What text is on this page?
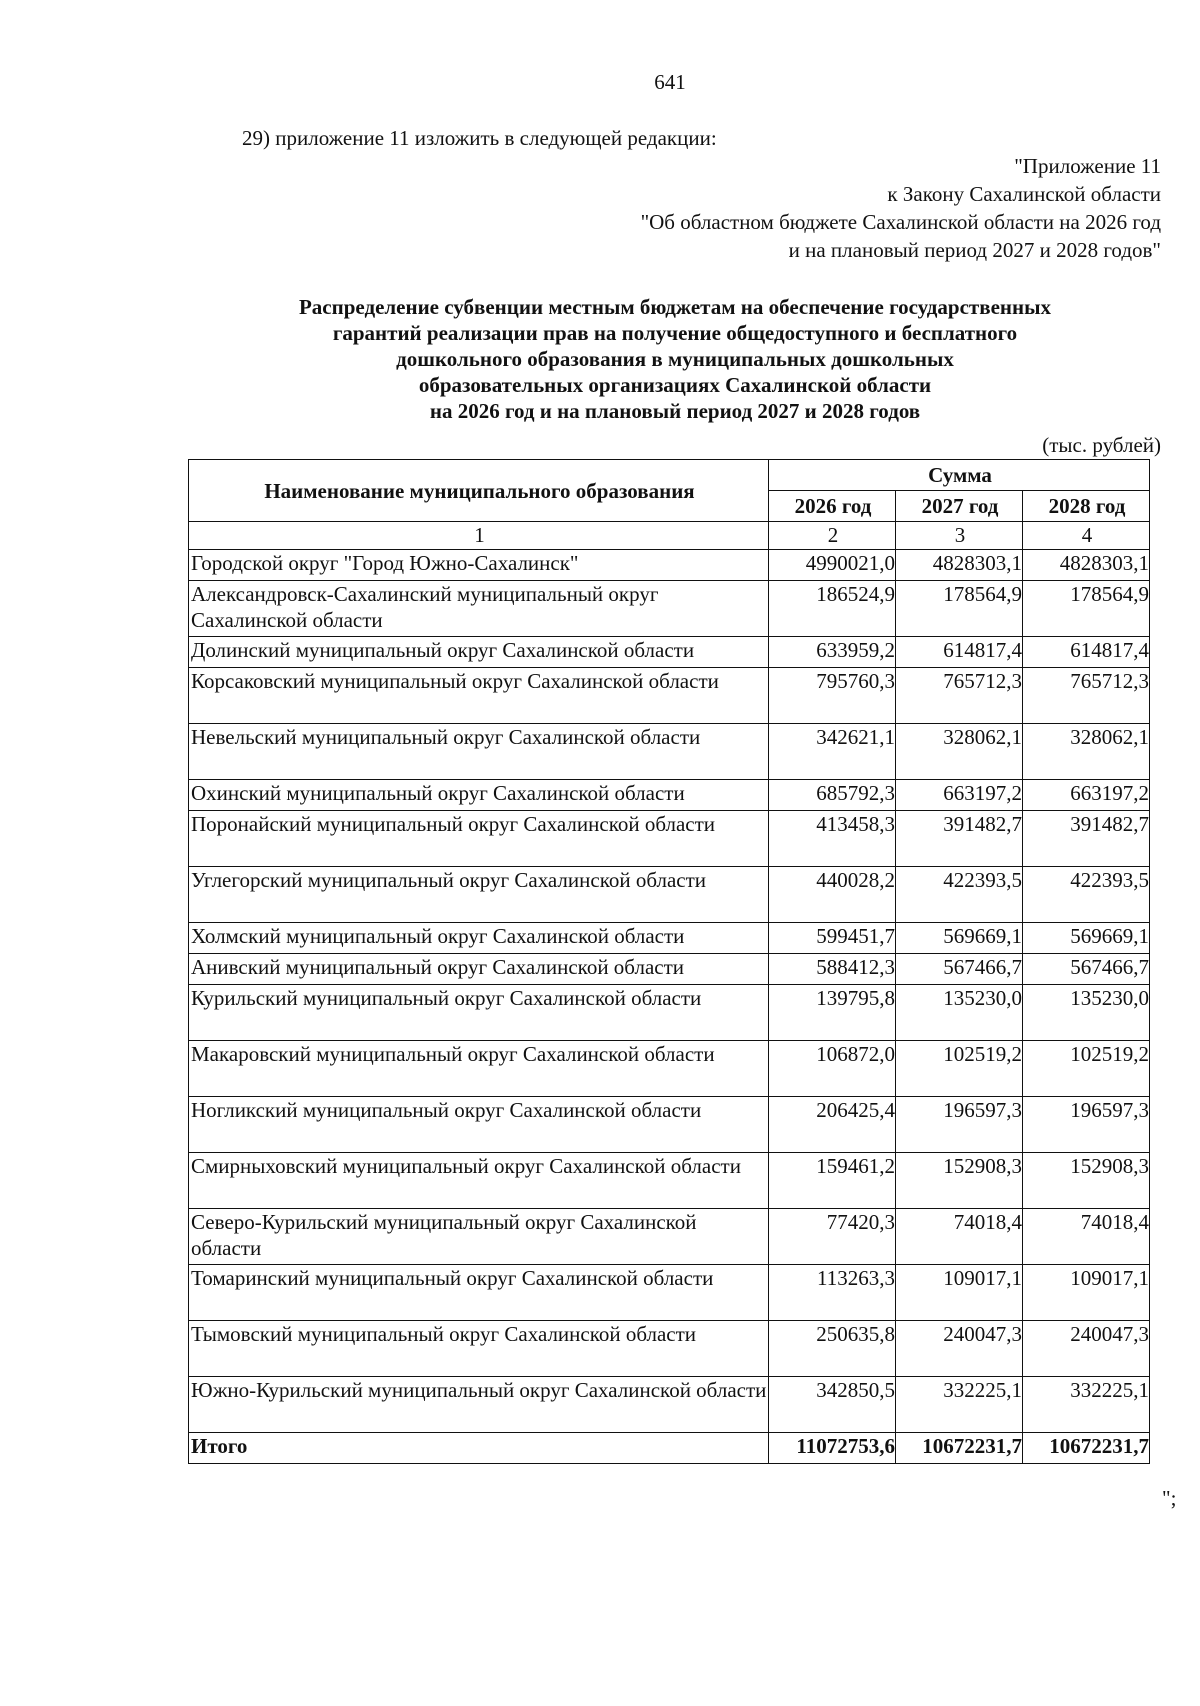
641
29) приложение 11 изложить в следующей редакции:
"Приложение 11
к Закону Сахалинской области
"Об областном бюджете Сахалинской области на 2026 год
и на плановый период 2027 и 2028 годов"
Распределение субвенции местным бюджетам на обеспечение государственных
гарантий реализации прав на получение общедоступного и бесплатного
дошкольного образования в муниципальных дошкольных
образовательных организациях Сахалинской области
на 2026 год и на плановый период 2027 и 2028 годов
(тыс. рублей)
Наименование муниципального образования	Сумма		
	2026 год	2027 год	2028 год
1	2	3	4
Городской округ "Город Южно-Сахалинск"	4990021,0	4828303,1	4828303,1
Александровск-Сахалинский муниципальный округ Сахалинской области	186524,9	178564,9	178564,9
Долинский муниципальный округ Сахалинской области	633959,2	614817,4	614817,4
Корсаковский муниципальный округ Сахалинской области	795760,3	765712,3	765712,3
Невельский муниципальный округ Сахалинской области	342621,1	328062,1	328062,1
Охинский муниципальный округ Сахалинской области	685792,3	663197,2	663197,2
Поронайский муниципальный округ Сахалинской области	413458,3	391482,7	391482,7
Углегорский муниципальный округ Сахалинской области	440028,2	422393,5	422393,5
Холмский муниципальный округ Сахалинской области	599451,7	569669,1	569669,1
Анивский муниципальный округ Сахалинской области	588412,3	567466,7	567466,7
Курильский муниципальный округ Сахалинской области	139795,8	135230,0	135230,0
Макаровский муниципальный округ Сахалинской области	106872,0	102519,2	102519,2
Ногликский муниципальный округ Сахалинской области	206425,4	196597,3	196597,3
Смирныховский муниципальный округ Сахалинской области	159461,2	152908,3	152908,3
Северо-Курильский муниципальный округ Сахалинской области	77420,3	74018,4	74018,4
Томаринский муниципальный округ Сахалинской области	113263,3	109017,1	109017,1
Тымовский муниципальный округ Сахалинской области	250635,8	240047,3	240047,3
Южно-Курильский муниципальный округ Сахалинской области	342850,5	332225,1	332225,1
Итого	11072753,6	10672231,7	10672231,7
";
